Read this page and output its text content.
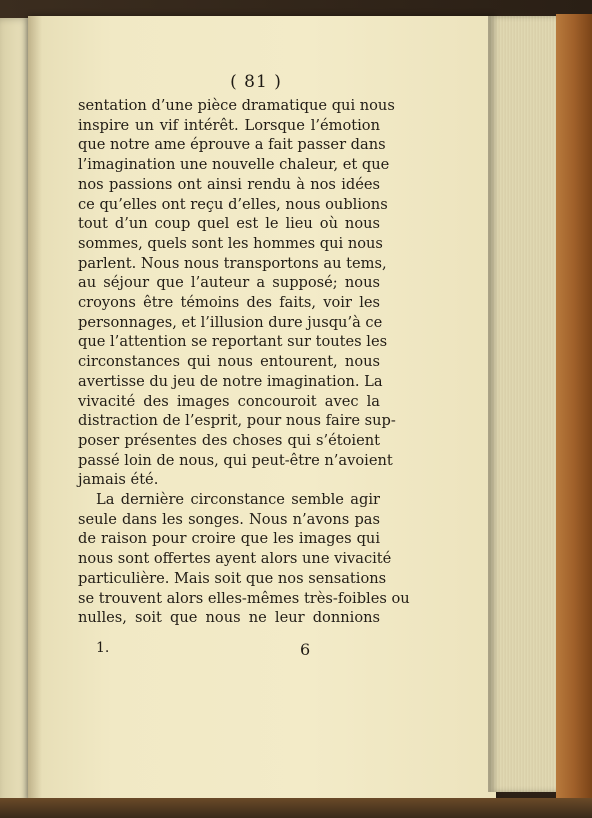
( 81 )
sentation d’une pièce dramatique qui nous
inspire un vif intérêt. Lorsque l’émotion
que notre ame éprouve a fait passer dans
l’imagination une nouvelle chaleur, et que
nos passions ont ainsi rendu à nos idées
ce qu’elles ont reçu d’elles, nous oublions
tout d’un coup quel est le lieu où nous
sommes, quels sont les hommes qui nous
parlent. Nous nous transportons au tems,
au séjour que l’auteur a supposé; nous
croyons être témoins des faits, voir les
personnages, et l’illusion dure jusqu’à ce
que l’attention se reportant sur toutes les
circonstances qui nous entourent, nous
avertisse du jeu de notre imagination. La
vivacité des images concouroit avec la
distraction de l’esprit, pour nous faire sup-
poser présentes des choses qui s’étoient
passé loin de nous, qui peut-être n’avoient
jamais été.
La dernière circonstance semble agir
seule dans les songes. Nous n’avons pas
de raison pour croire que les images qui
nous sont offertes ayent alors une vivacité
particulière. Mais soit que nos sensations
se trouvent alors elles-mêmes très-foibles ou
nulles, soit que nous ne leur donnions
1.	6
